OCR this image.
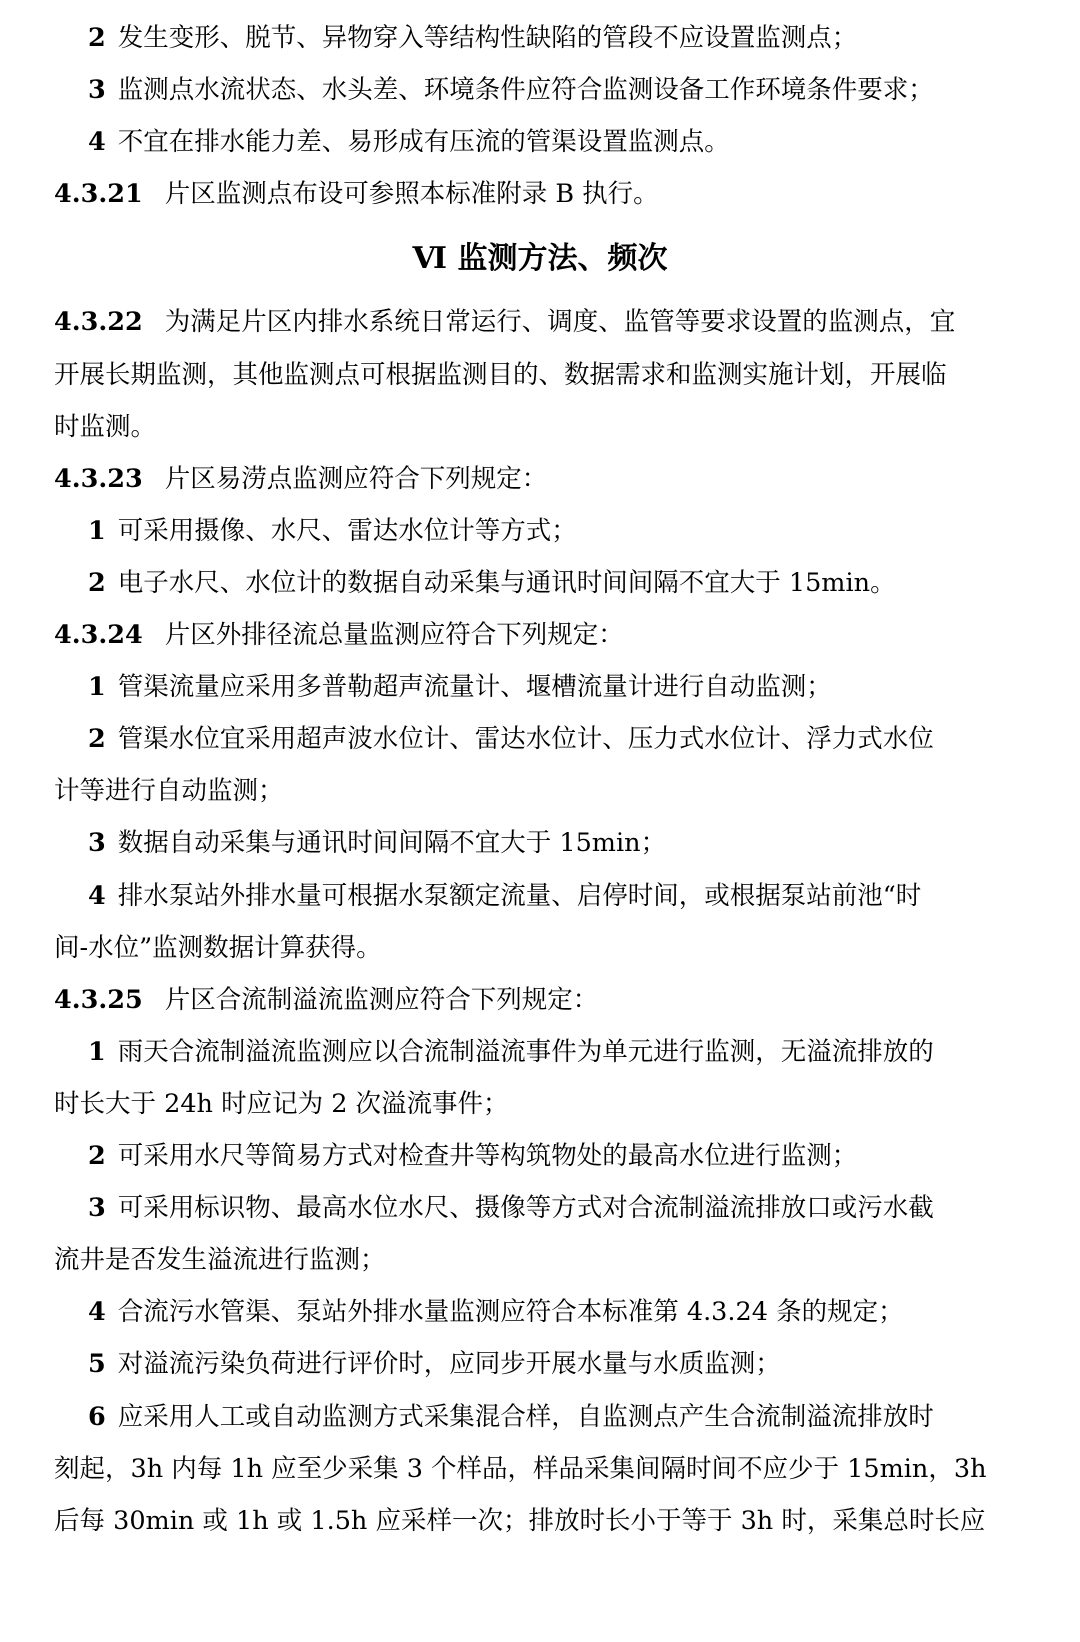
2 发生变形、脱节、异物穿入等结构性缺陷的管段不应设置监测点；
3 监测点水流状态、水头差、环境条件应符合监测设备工作环境条件要求；
4 不宜在排水能力差、易形成有压流的管渠设置监测点。
4.3.21 片区监测点布设可参照本标准附录 B 执行。
Ⅵ 监测方法、频次
4.3.22 为满足片区内排水系统日常运行、调度、监管等要求设置的监测点，宜
开展长期监测，其他监测点可根据监测目的、数据需求和监测实施计划，开展临
时监测。
4.3.23 片区易涝点监测应符合下列规定：
1 可采用摄像、水尺、雷达水位计等方式；
2 电子水尺、水位计的数据自动采集与通讯时间间隔不宜大于 15min。
4.3.24 片区外排径流总量监测应符合下列规定：
1 管渠流量应采用多普勒超声流量计、堰槽流量计进行自动监测；
2 管渠水位宜采用超声波水位计、雷达水位计、压力式水位计、浮力式水位
计等进行自动监测；
3 数据自动采集与通讯时间间隔不宜大于 15min；
4 排水泵站外排水量可根据水泵额定流量、启停时间，或根据泵站前池“时
间-水位”监测数据计算获得。
4.3.25 片区合流制溢流监测应符合下列规定：
1 雨天合流制溢流监测应以合流制溢流事件为单元进行监测，无溢流排放的
时长大于 24h 时应记为 2 次溢流事件；
2 可采用水尺等简易方式对检查井等构筑物处的最高水位进行监测；
3 可采用标识物、最高水位水尺、摄像等方式对合流制溢流排放口或污水截
流井是否发生溢流进行监测；
4 合流污水管渠、泵站外排水量监测应符合本标准第 4.3.24 条的规定；
5 对溢流污染负荷进行评价时，应同步开展水量与水质监测；
6 应采用人工或自动监测方式采集混合样，自监测点产生合流制溢流排放时
刻起，3h 内每 1h 应至少采集 3 个样品，样品采集间隔时间不应少于 15min，3h
后每 30min 或 1h 或 1.5h 应采样一次；排放时长小于等于 3h 时，采集总时长应
